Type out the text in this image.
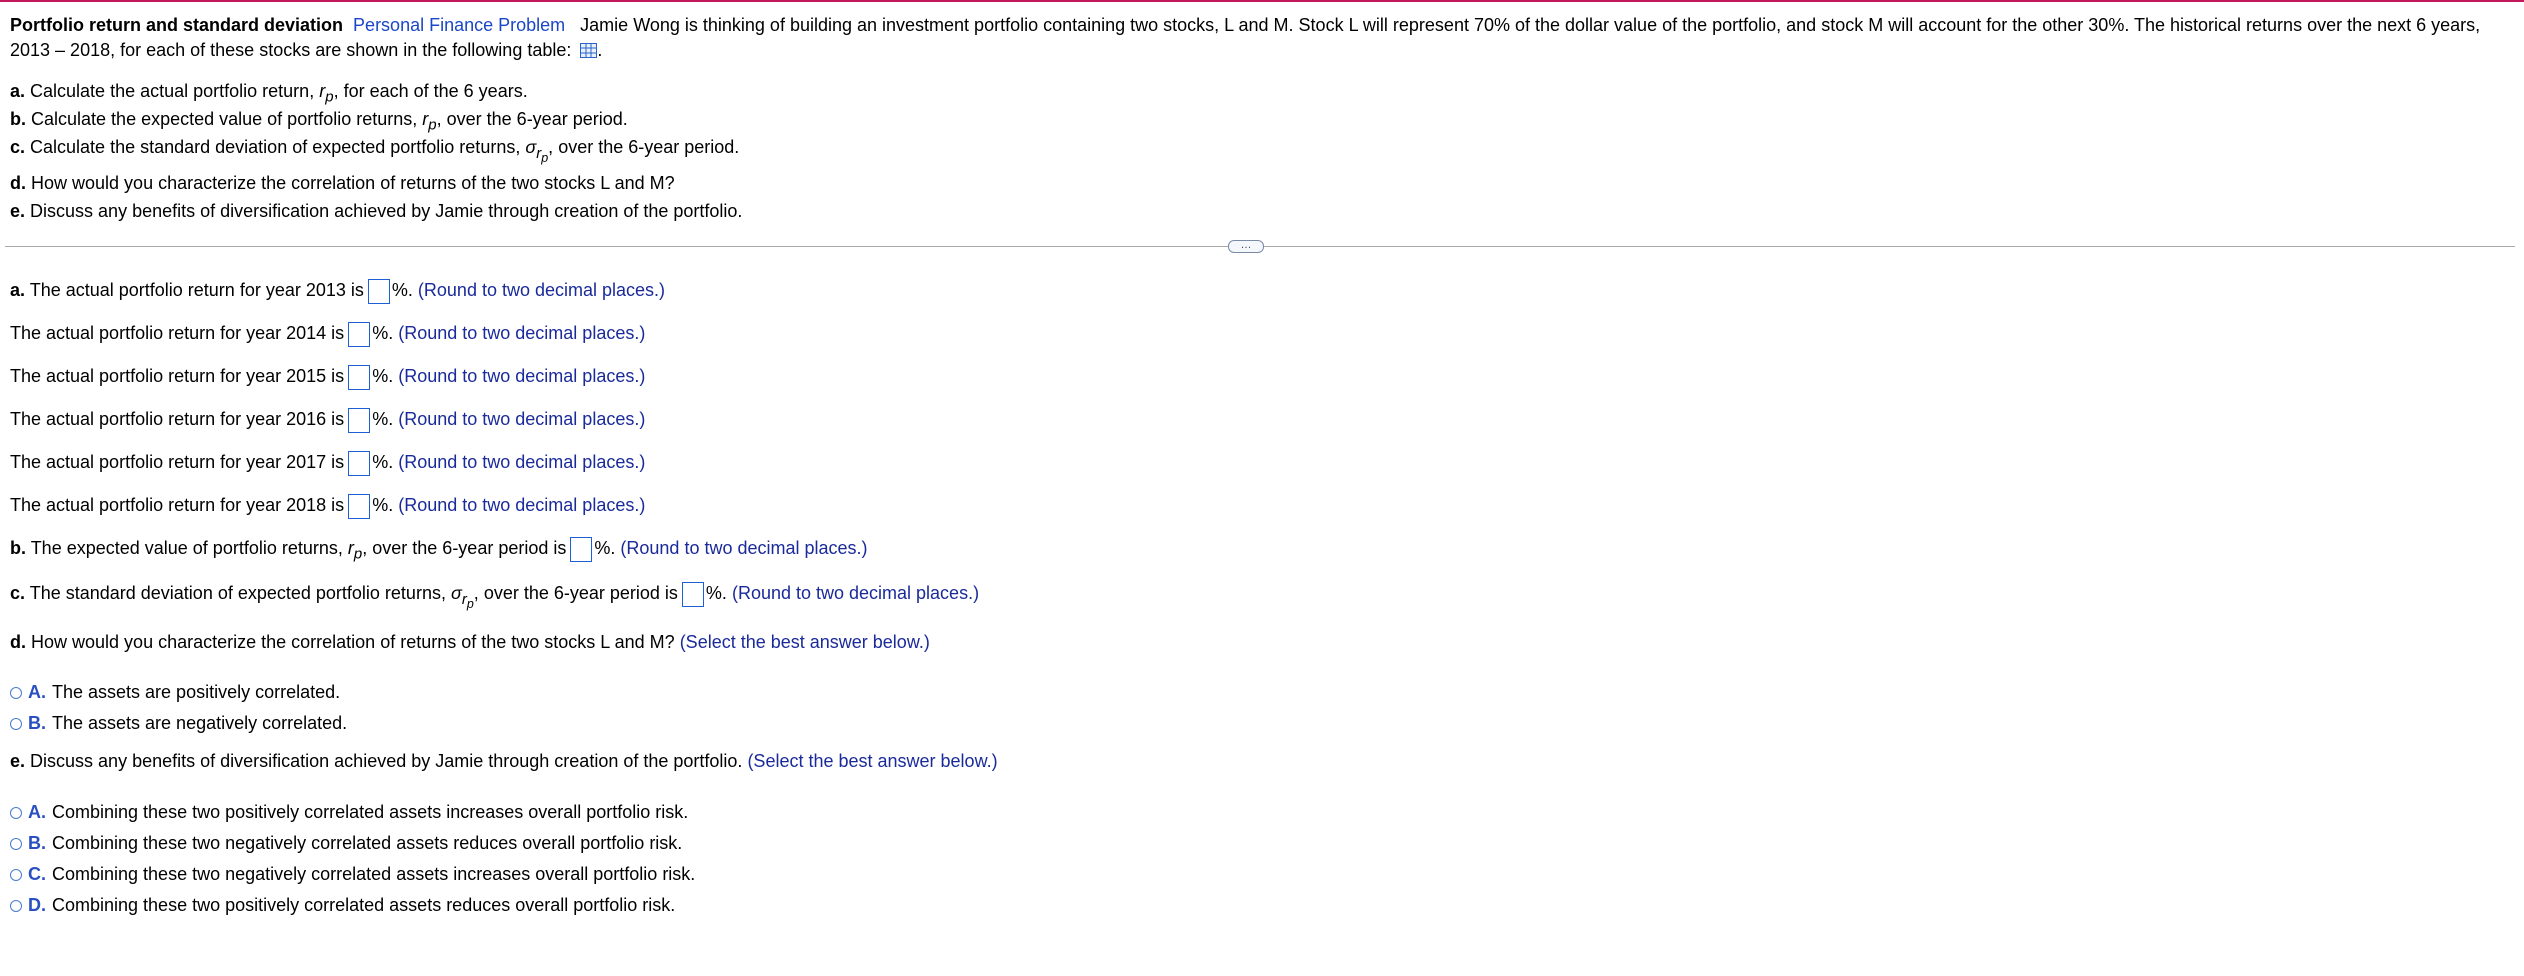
Portfolio return and standard deviation Personal Finance Problem Jamie Wong is thinking of building an investment portfolio containing two stocks, L and M. Stock L will represent 70% of the dollar value of the portfolio, and stock M will account for the other 30%. The historical returns over the next 6 years,
2013 – 2018, for each of these stocks are shown in the following table: .
a. Calculate the actual portfolio return, $r_p$, for each of the 6 years.
b. Calculate the expected value of portfolio returns, $r_p$, over the 6-year period.
c. Calculate the standard deviation of expected portfolio returns, $\sigma_{r_p}$, over the 6-year period.
d. How would you characterize the correlation of returns of the two stocks L and M?
e. Discuss any benefits of diversification achieved by Jamie through creation of the portfolio.
…
a. The actual portfolio return for year 2013 is %. (Round to two decimal places.)
The actual portfolio return for year 2014 is %. (Round to two decimal places.)
The actual portfolio return for year 2015 is %. (Round to two decimal places.)
The actual portfolio return for year 2016 is %. (Round to two decimal places.)
The actual portfolio return for year 2017 is %. (Round to two decimal places.)
The actual portfolio return for year 2018 is %. (Round to two decimal places.)
b. The expected value of portfolio returns, $r_p$, over the 6-year period is %. (Round to two decimal places.)
c. The standard deviation of expected portfolio returns, $\sigma_{r_p}$, over the 6-year period is %. (Round to two decimal places.)
d. How would you characterize the correlation of returns of the two stocks L and M? (Select the best answer below.)
A. The assets are positively correlated.
B. The assets are negatively correlated.
e. Discuss any benefits of diversification achieved by Jamie through creation of the portfolio. (Select the best answer below.)
A. Combining these two positively correlated assets increases overall portfolio risk.
B. Combining these two negatively correlated assets reduces overall portfolio risk.
C. Combining these two negatively correlated assets increases overall portfolio risk.
D. Combining these two positively correlated assets reduces overall portfolio risk.
